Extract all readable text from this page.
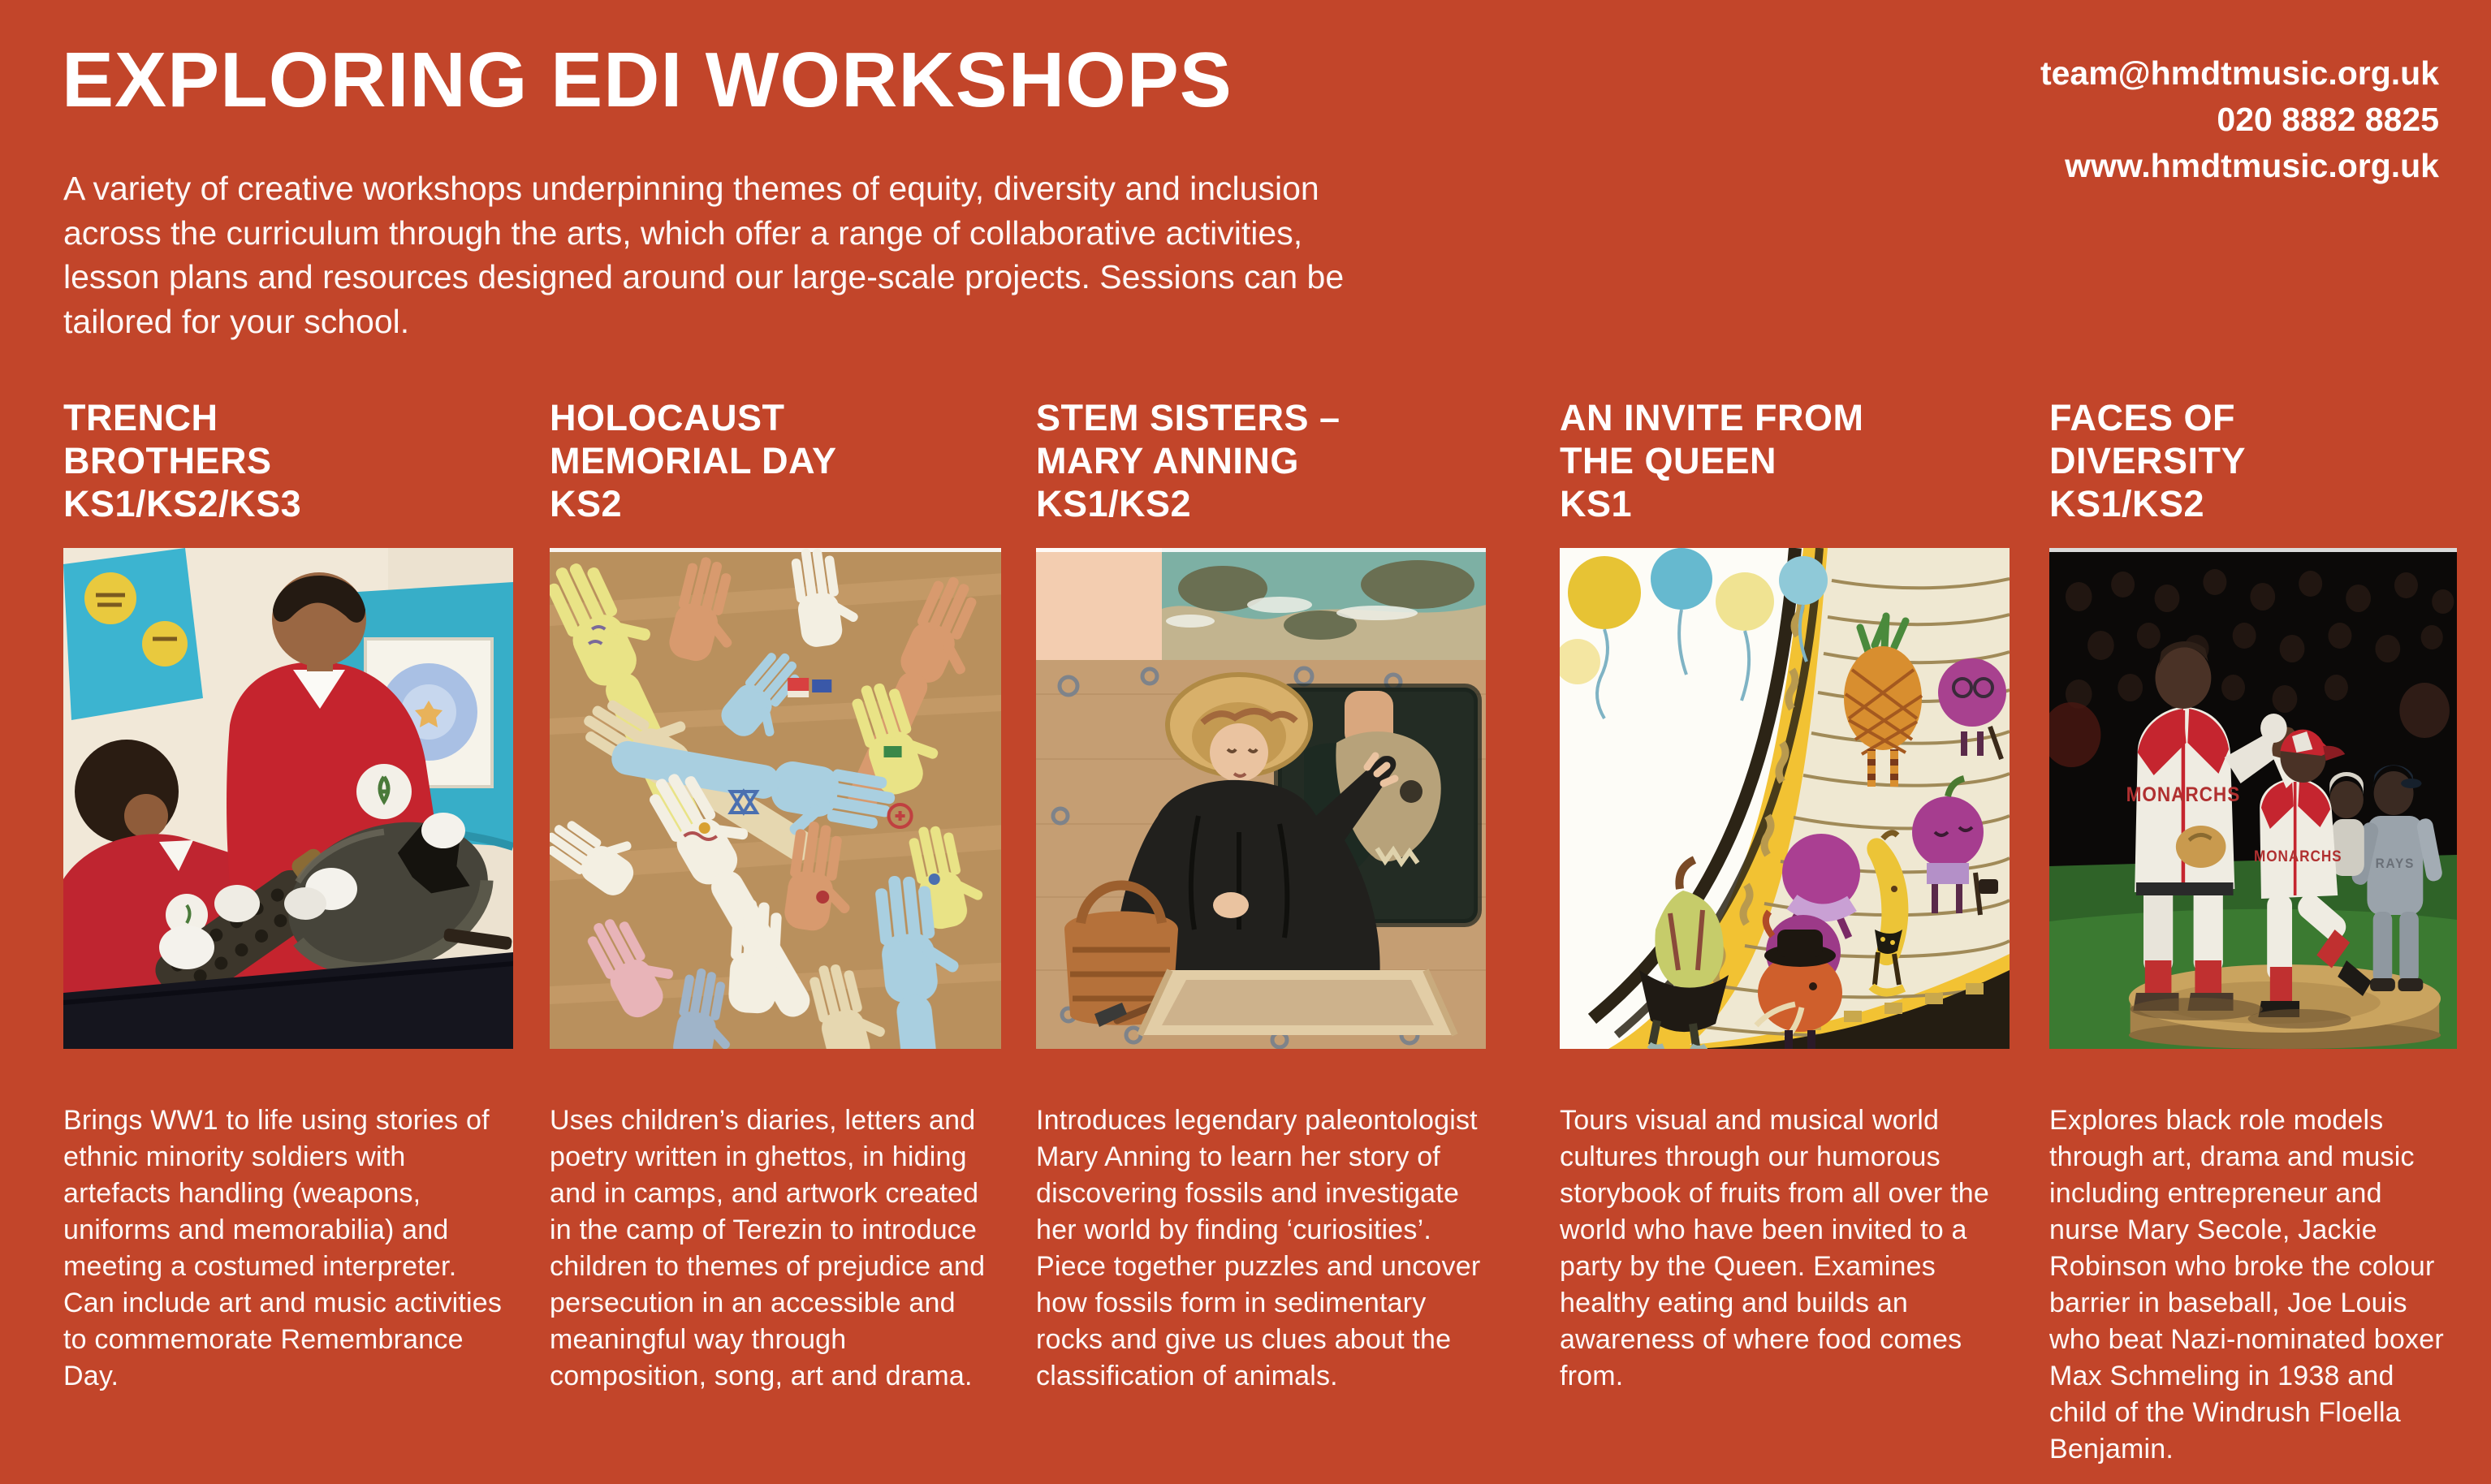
EXPLORING EDI WORKSHOPS	team@hmdtmusic.org.uk
020 8882 8825
www.hmdtmusic.org.uk

A variety of creative workshops underpinning themes of equity, diversity and inclusion
across the curriculum through the arts, which offer a range of collaborative activities,
lesson plans and resources designed around our large-scale projects. Sessions can be
tailored for your school.

TRENCH
BROTHERS
KS1/KS2/KS3

Brings WW1 to life using stories of ethnic minority soldiers with artefacts handling (weapons, uniforms and memorabilia) and meeting a costumed interpreter. Can include art and music activities to commemorate Remembrance Day.

HOLOCAUST
MEMORIAL DAY
KS2

Uses children’s diaries, letters and poetry written in ghettos, in hiding and in camps, and artwork created in the camp of Terezin to introduce children to themes of prejudice and persecution in an accessible and meaningful way through composition, song, art and drama.

STEM SISTERS –
MARY ANNING
KS1/KS2

Introduces legendary paleontologist Mary Anning to learn her story of discovering fossils and investigate her world by finding ‘curiosities’. Piece together puzzles and uncover how fossils form in sedimentary rocks and give us clues about the classification of animals.

AN INVITE FROM
THE QUEEN
KS1

Tours visual and musical world cultures through our humorous storybook of fruits from all over the world who have been invited to a party by the Queen. Examines healthy eating and builds an awareness of where food comes from.

FACES OF
DIVERSITY
KS1/KS2
MONARCHS
MONARCHS RAYS

Explores black role models through art, drama and music including entrepreneur and nurse Mary Secole, Jackie Robinson who broke the colour barrier in baseball, Joe Louis who beat Nazi-nominated boxer Max Schmeling in 1938 and child of the Windrush Floella Benjamin.
